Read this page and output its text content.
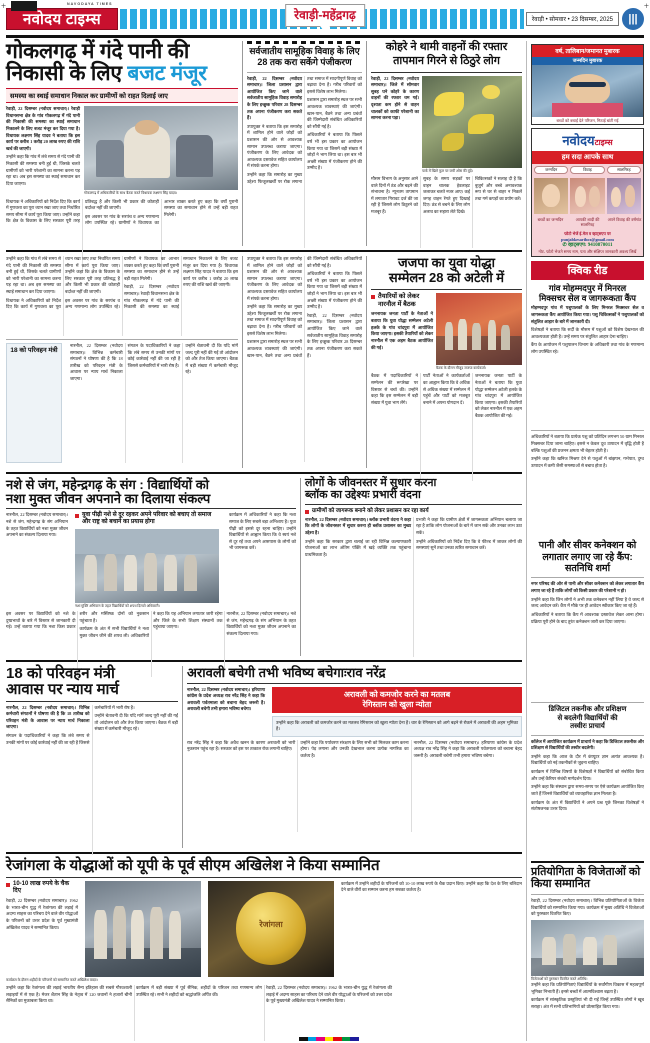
+	+
NAVODAYA TIMES
नवोदय टाइम्स	रेवाड़ी-महेंद्रगढ़	रेवाड़ी • सोमवार • 23 दिसम्बर, 2025	|||
गोकलगढ़ में गंदे पानी की
निकासी के लिए बजट मंजूर
समस्या का स्थाई समाधान निकाल कर ग्रामीणों को राहत दिलाई जाए

रेवाड़ी, 22 दिसम्बर (नवोदय समाचार)। रेवाड़ी विधानसभा क्षेत्र के गांव गोकलगढ़ में गंदे पानी की निकासी की समस्या का स्थाई समाधान निकालने के लिए बजट मंजूर कर दिया गया है। विधायक लक्ष्मण सिंह यादव ने बताया कि इस कार्य पर करीब 1 करोड़ 20 लाख रुपए की राशि खर्च की जाएगी।

उन्होंने कहा कि गांव में लंबे समय से गंदे पानी की निकासी की समस्या बनी हुई थी, जिसके चलते ग्रामीणों को भारी परेशानी का सामना करना पड़ रहा था। अब इस समस्या का स्थाई समाधान कर दिया जाएगा।

गोकलगढ़ में अधिकारियों के साथ बैठक करते विधायक लक्ष्मण सिंह यादव।

विधायक ने अधिकारियों को निर्देश दिए कि कार्य में गुणवत्ता का पूरा ध्यान रखा जाए तथा निर्धारित समय सीमा में कार्य पूरा किया जाए। उन्होंने कहा कि क्षेत्र के विकास के लिए सरकार पूरी तरह प्रतिबद्ध है और किसी भी प्रकार की कोताही बर्दाश्त नहीं की जाएगी।

इस अवसर पर गांव के सरपंच व अन्य गणमान्य लोग उपस्थित रहे। ग्रामीणों ने विधायक का आभार व्यक्त करते हुए कहा कि वर्षों पुरानी समस्या का समाधान होने से उन्हें बड़ी राहत मिलेगी।

सर्वजातीय सामूहिक विवाह के लिए 28 तक करा सकेंगे पंजीकरण

रेवाड़ी, 22 दिसम्बर (नवोदय समाचार)। जिला प्रशासन द्वारा आयोजित किए जाने वाले सर्वजातीय सामूहिक विवाह समारोह के लिए इच्छुक परिवार 28 दिसम्बर तक अपना पंजीकरण करा सकते हैं।

उपायुक्त ने बताया कि इस समारोह में शामिल होने वाले जोड़ों को प्रशासन की ओर से आवश्यक सामान उपलब्ध कराया जाएगा। पंजीकरण के लिए आवेदक को आवश्यक दस्तावेज सहित कार्यालय में संपर्क करना होगा।

उन्होंने कहा कि समारोह का मुख्य उद्देश्य फिजूलखर्ची पर रोक लगाना तथा समाज में सादगीपूर्ण विवाह को बढ़ावा देना है। गरीब परिवारों को इससे विशेष लाभ मिलेगा।

प्रशासन द्वारा समारोह स्थल पर सभी आवश्यक व्यवस्थाएं की जाएंगी। खान-पान, बैठने तथा अन्य प्रबंधों की जिम्मेदारी संबंधित अधिकारियों को सौंपी गई है।

अधिकारियों ने बताया कि पिछले वर्ष भी इस प्रकार का आयोजन किया गया था जिसमें बड़ी संख्या में जोड़ों ने भाग लिया था। इस बार भी अच्छी संख्या में पंजीकरण होने की उम्मीद है।

कोहरे ने थामी वाहनों की रफ्तार
तापमान गिरने से ठिठुरे लोग

रेवाड़ी, 22 दिसम्बर (नवोदय समाचार)। जिले में सोमवार सुबह घने कोहरे के कारण वाहनों की रफ्तार थम गई। दृश्यता कम होने से वाहन चालकों को काफी परेशानी का सामना करना पड़ा।

पार्क में खिले फूल पर जमी ओस की बूंदें।

मौसम विभाग के अनुसार आने वाले दिनों में ठंड और बढ़ने की संभावना है। न्यूनतम तापमान में लगातार गिरावट दर्ज की जा रही है जिससे लोग ठिठुरने को मजबूर हैं।

सुबह के समय सड़कों पर वाहन चालक हेडलाइट जलाकर चलते नजर आए। कई जगह वाहन रेंगते हुए दिखाई दिए। ठंड से बचने के लिए लोग अलाव का सहारा लेते दिखे।

चिकित्सकों ने सलाह दी है कि बुजुर्ग और बच्चे अनावश्यक रूप से घर से बाहर न निकलें तथा गर्म कपड़ों का प्रयोग करें।

उन्होंने कहा कि गांव में लंबे समय से गंदे पानी की निकासी की समस्या बनी हुई थी, जिसके चलते ग्रामीणों को भारी परेशानी का सामना करना पड़ रहा था। अब इस समस्या का स्थाई समाधान कर दिया जाएगा।

विधायक ने अधिकारियों को निर्देश दिए कि कार्य में गुणवत्ता का पूरा ध्यान रखा जाए तथा निर्धारित समय सीमा में कार्य पूरा किया जाए। उन्होंने कहा कि क्षेत्र के विकास के लिए सरकार पूरी तरह प्रतिबद्ध है और किसी भी प्रकार की कोताही बर्दाश्त नहीं की जाएगी।

इस अवसर पर गांव के सरपंच व अन्य गणमान्य लोग उपस्थित रहे। ग्रामीणों ने विधायक का आभार व्यक्त करते हुए कहा कि वर्षों पुरानी समस्या का समाधान होने से उन्हें बड़ी राहत मिलेगी।

रेवाड़ी, 22 दिसम्बर (नवोदय समाचार)। रेवाड़ी विधानसभा क्षेत्र के गांव गोकलगढ़ में गंदे पानी की निकासी की समस्या का स्थाई समाधान निकालने के लिए बजट मंजूर कर दिया गया है। विधायक लक्ष्मण सिंह यादव ने बताया कि इस कार्य पर करीब 1 करोड़ 20 लाख रुपए की राशि खर्च की जाएगी।

18 को परिवहन मंत्री

नारनौल, 22 दिसम्बर (नवोदय समाचार)। विभिन्न कर्मचारी संगठनों ने घोषणा की है कि 18 तारीख को परिवहन मंत्री के आवास पर न्याय मार्च निकाला जाएगा।

संगठन के पदाधिकारियों ने कहा कि लंबे समय से उनकी मांगों पर कोई कार्रवाई नहीं की जा रही है जिससे कर्मचारियों में भारी रोष है।

उन्होंने चेतावनी दी कि यदि मांगें जल्द पूरी नहीं की गईं तो आंदोलन को और तेज किया जाएगा। बैठक में बड़ी संख्या में कर्मचारी मौजूद रहे।

उपायुक्त ने बताया कि इस समारोह में शामिल होने वाले जोड़ों को प्रशासन की ओर से आवश्यक सामान उपलब्ध कराया जाएगा। पंजीकरण के लिए आवेदक को आवश्यक दस्तावेज सहित कार्यालय में संपर्क करना होगा।

उन्होंने कहा कि समारोह का मुख्य उद्देश्य फिजूलखर्ची पर रोक लगाना तथा समाज में सादगीपूर्ण विवाह को बढ़ावा देना है। गरीब परिवारों को इससे विशेष लाभ मिलेगा।

प्रशासन द्वारा समारोह स्थल पर सभी आवश्यक व्यवस्थाएं की जाएंगी। खान-पान, बैठने तथा अन्य प्रबंधों की जिम्मेदारी संबंधित अधिकारियों को सौंपी गई है।

अधिकारियों ने बताया कि पिछले वर्ष भी इस प्रकार का आयोजन किया गया था जिसमें बड़ी संख्या में जोड़ों ने भाग लिया था। इस बार भी अच्छी संख्या में पंजीकरण होने की उम्मीद है।

रेवाड़ी, 22 दिसम्बर (नवोदय समाचार)। जिला प्रशासन द्वारा आयोजित किए जाने वाले सर्वजातीय सामूहिक विवाह समारोह के लिए इच्छुक परिवार 28 दिसम्बर तक अपना पंजीकरण करा सकते हैं।

जजपा का युवा योद्धा
सम्मेलन 28 को अटेली में
तैयारियों को लेकर नारनौल में बैठक

जननायक जनता पार्टी के नेताओं ने बताया कि युवा योद्धा सम्मेलन अटेली हलके के गांव चांदपुरा में आयोजित किया जाएगा। इसकी तैयारियों को लेकर नारनौल में एक अहम बैठक आयोजित की गई।

बैठक के दौरान मौजूद जजपा कार्यकर्ता।

बैठक में पदाधिकारियों ने सम्मेलन की रूपरेखा पर विस्तार से चर्चा की। उन्होंने कहा कि इस सम्मेलन में बड़ी संख्या में युवा भाग लेंगे।

पार्टी नेताओं ने कार्यकर्ताओं का आह्वान किया कि वे अधिक से अधिक संख्या में सम्मेलन में पहुंचें और पार्टी को मजबूत बनाने में अपना योगदान दें।

जननायक जनता पार्टी के नेताओं ने बताया कि युवा योद्धा सम्मेलन अटेली हलके के गांव चांदपुरा में आयोजित किया जाएगा। इसकी तैयारियों को लेकर नारनौल में एक अहम बैठक आयोजित की गई।

नशे से जंग, महेन्द्रगढ़ के संग : विद्यार्थियों को
नशा मुक्त जीवन अपनाने का दिलाया संकल्प
नारनौल, 22 दिसम्बर (नवोदय समाचार)। नशे से जंग, महेन्द्रगढ़ के संग अभियान के तहत विद्यार्थियों को नशा मुक्त जीवन अपनाने का संकल्प दिलाया गया।
युवा पीढ़ी नशे से दूर रहकर अपने परिवार को बचाए तो समाज और राष्ट्र को बचाने का प्रयास होगा
नशा मुक्ति अभियान के तहत विद्यार्थियों को शपथ दिलाते अधिकारी।
कार्यक्रम में अधिकारियों ने कहा कि नशा समाज के लिए सबसे बड़ा अभिशाप है। युवा पीढ़ी को इससे दूर रहना चाहिए। उन्होंने विद्यार्थियों से आह्वान किया कि वे स्वयं नशे से दूर रहें तथा अपने आसपास के लोगों को भी जागरूक करें।

इस अवसर पर विद्यार्थियों को नशे के दुष्प्रभावों के बारे में विस्तार से जानकारी दी गई। उन्हें बताया गया कि नशा किस प्रकार शरीर और मस्तिष्क दोनों को नुकसान पहुंचाता है।

कार्यक्रम के अंत में सभी विद्यार्थियों ने नशा मुक्त जीवन जीने की शपथ ली। अधिकारियों ने कहा कि यह अभियान लगातार जारी रहेगा और जिले के सभी शिक्षण संस्थानों तक पहुंचाया जाएगा।

नारनौल, 22 दिसम्बर (नवोदय समाचार)। नशे से जंग, महेन्द्रगढ़ के संग अभियान के तहत विद्यार्थियों को नशा मुक्त जीवन अपनाने का संकल्प दिलाया गया।

लोगों के जीवनस्तर में सुधार करना
ब्लॉक का उद्देश्यः प्रभारी वंदना
ग्रामीणों को जागरूक बनाने को लेकर प्रशासन कर रहा कार्य

नारनौल, 22 दिसम्बर (नवोदय समाचार)। ब्लॉक प्रभारी वंदना ने कहा कि लोगों के जीवनस्तर में सुधार करना ही ब्लॉक प्रशासन का मुख्य उद्देश्य है।

उन्होंने कहा कि सरकार द्वारा चलाई जा रही विभिन्न कल्याणकारी योजनाओं का लाभ अंतिम पंक्ति में खड़े व्यक्ति तक पहुंचाना प्राथमिकता है।

प्रभारी ने कहा कि ग्रामीण क्षेत्रों में जागरूकता अभियान चलाया जा रहा है ताकि लोग योजनाओं के बारे में जान सकें और उनका लाभ उठा सकें।

उन्होंने अधिकारियों को निर्देश दिए कि वे फील्ड में जाकर लोगों की समस्याएं सुनें तथा उनका त्वरित समाधान करें।

18 को परिवहन मंत्री
आवास पर न्याय मार्च

नारनौल, 22 दिसम्बर (नवोदय समाचार)। विभिन्न कर्मचारी संगठनों ने घोषणा की है कि 18 तारीख को परिवहन मंत्री के आवास पर न्याय मार्च निकाला जाएगा।

संगठन के पदाधिकारियों ने कहा कि लंबे समय से उनकी मांगों पर कोई कार्रवाई नहीं की जा रही है जिससे कर्मचारियों में भारी रोष है।

उन्होंने चेतावनी दी कि यदि मांगें जल्द पूरी नहीं की गईं तो आंदोलन को और तेज किया जाएगा। बैठक में बड़ी संख्या में कर्मचारी मौजूद रहे।

अरावली बचेगी तभी भविष्य बचेगाःराव नरेंद्र

नारनौल, 22 दिसम्बर (नवोदय समाचार)। हरियाणा कांग्रेस के प्रदेश अध्यक्ष राव नरेंद्र सिंह ने कहा कि अरावली पर्वतमाला को बचाना बेहद जरूरी है। अरावली बचेगी तभी हमारा भविष्य बचेगा।

अरावली को कमजोर करने का मतलब
रेगिस्तान को खुला न्योता
उन्होंने कहा कि अरावली को कमजोर करने का मतलब रेगिस्तान को खुला न्योता देना है। थार के रेगिस्तान को आगे बढ़ने से रोकने में अरावली की अहम भूमिका है।

राव नरेंद्र सिंह ने कहा कि अवैध खनन के कारण अरावली को भारी नुकसान पहुंच रहा है। सरकार को इस पर तत्काल रोक लगानी चाहिए।

उन्होंने कहा कि पर्यावरण संरक्षण के लिए सभी को मिलकर काम करना होगा। पेड़ लगाना और उनकी देखभाल करना प्रत्येक नागरिक का कर्तव्य है।

नारनौल, 22 दिसम्बर (नवोदय समाचार)। हरियाणा कांग्रेस के प्रदेश अध्यक्ष राव नरेंद्र सिंह ने कहा कि अरावली पर्वतमाला को बचाना बेहद जरूरी है। अरावली बचेगी तभी हमारा भविष्य बचेगा।

रेजांगला के योद्धाओं को यूपी के पूर्व सीएम अखिलेश ने किया सम्मानित
10-10 लाख रुपये के चैक दिए
रेवाड़ी, 22 दिसम्बर (नवोदय समाचार)। 1962 के भारत-चीन युद्ध में रेजांगला की लड़ाई में अदम्य साहस का परिचय देने वाले वीर योद्धाओं के परिजनों को उत्तर प्रदेश के पूर्व मुख्यमंत्री अखिलेश यादव ने सम्मानित किया।	रेजांगला
कार्यक्रम में उन्होंने शहीदों के परिजनों को 10-10 लाख रुपये के चैक प्रदान किए। उन्होंने कहा कि देश के लिए बलिदान देने वाले वीरों का सम्मान करना हम सबका कर्तव्य है।
कार्यक्रम के दौरान शहीदों के परिजनों को सम्मानित करते अखिलेश यादव।

उन्होंने कहा कि रेजांगला की लड़ाई भारतीय सैन्य इतिहास की सबसे गौरवशाली लड़ाइयों में से एक है। मेजर शैतान सिंह के नेतृत्व में 120 जवानों ने हजारों चीनी सैनिकों का मुकाबला किया था।

कार्यक्रम में बड़ी संख्या में पूर्व सैनिक, शहीदों के परिजन तथा गणमान्य लोग उपस्थित रहे। सभी ने शहीदों को श्रद्धांजलि अर्पित की।

रेवाड़ी, 22 दिसम्बर (नवोदय समाचार)। 1962 के भारत-चीन युद्ध में रेजांगला की लड़ाई में अदम्य साहस का परिचय देने वाले वीर योद्धाओं के परिजनों को उत्तर प्रदेश के पूर्व मुख्यमंत्री अखिलेश यादव ने सम्मानित किया।

वर्ष, तालिबान/जमानत मुबारक
जन्मदिन मुबारक
बच्चों को बधाई देते परिजन, मिठाई बांटी गई
नवोदयटाइम्स
हम सदा आपके साथ
जन्मदिन	विवाह	सालगिरह
बच्चों का जन्मदिन	आपकी शादी की सालगिरह
अपने विवाह की वर्षगांठ
फोटो भेजें ई-मेल व व्हाट्सएप पर
punjabkesaribox@gmail.com
✆ व्हाट्सएप: 9410870011
नोट- फोटो भेजते समय नाम, पता और संक्षिप्त जानकारी अवश्य लिखें
क्विक रीड
गांव मोहम्मदपुर में मिनरल
मिक्सचर सेल व जागरूकता कैंप

मोहम्मदपुर गांव में पशुपालकों के लिए मिनरल मिक्सचर सेल व जागरूकता कैंप आयोजित किया गया। पशु चिकित्सकों ने पशुपालकों को संतुलित आहार के बारे में जानकारी दी।

विशेषज्ञों ने बताया कि सर्दी के मौसम में पशुओं को विशेष देखभाल की आवश्यकता होती है। उन्हें समय पर संतुलित आहार देना चाहिए।

कैंप के आयोजन में पशुपालन विभाग के अधिकारी तथा गांव के गणमान्य लोग उपस्थित रहे।

अधिकारियों ने बताया कि प्रत्येक पशु को प्रतिदिन लगभग 50 ग्राम मिनरल मिक्सचर दिया जाना चाहिए। इससे न केवल दूध उत्पादन में वृद्धि होती है बल्कि पशुओं की प्रजनन क्षमता भी बेहतर होती है।

उन्होंने कहा कि खनिज मिश्रण देने से पशुओं में बांझपन, गर्भपात, दुग्ध उत्पादन में कमी जैसी समस्याओं से बचाव होता है।

पानी और सीवर कनेक्शन को
लगातार लगाए जा रहे कैंप:
सतनिधि शर्मा

नगर परिषद की ओर से पानी और सीवर कनेक्शन को लेकर लगातार कैंप लगाए जा रहे हैं ताकि लोगों को किसी प्रकार की परेशानी न हो।

उन्होंने कहा कि जिन लोगों ने अभी तक कनेक्शन नहीं लिया है वे जल्द से जल्द आवेदन करें। कैंप में मौके पर ही आवेदन स्वीकार किए जा रहे हैं।

अधिकारियों ने बताया कि कैंप में आवश्यक दस्तावेज लेकर आना होगा। प्रक्रिया पूरी होने के बाद तुरंत कनेक्शन जारी कर दिया जाएगा।

डिजिटल तकनीक और प्रशिक्षण
से बदलेगी विद्यार्थियों की
तस्वीरः प्राचार्य

कॉलेज में आयोजित कार्यक्रम में प्राचार्य ने कहा कि डिजिटल तकनीक और प्रशिक्षण से विद्यार्थियों की तस्वीर बदलेगी।

उन्होंने कहा कि आज के दौर में कंप्यूटर ज्ञान अत्यंत आवश्यक है। विद्यार्थियों को नई तकनीकों से जुड़ना चाहिए।

कार्यक्रम में विभिन्न विषयों के विशेषज्ञों ने विद्यार्थियों को संबोधित किया और उन्हें कैरियर संबंधी मार्गदर्शन दिया।

उन्होंने कहा कि संस्थान द्वारा समय-समय पर ऐसे कार्यक्रम आयोजित किए जाते हैं जिनसे विद्यार्थियों को व्यावहारिक ज्ञान मिलता है।

कार्यक्रम के अंत में विद्यार्थियों ने अपने प्रश्न पूछे जिनका विशेषज्ञों ने संतोषजनक उत्तर दिया।

प्रतियोगिता के विजेताओं को किया सम्मानित
रेवाड़ी, 22 दिसम्बर (नवोदय समाचार)। विभिन्न प्रतियोगिताओं के विजेता विद्यार्थियों को सम्मानित किया गया। कार्यक्रम में मुख्य अतिथि ने विजेताओं को पुरस्कार वितरित किए।
विजेताओं को पुरस्कार वितरित करते अतिथि।

उन्होंने कहा कि प्रतियोगिताएं विद्यार्थियों के सर्वांगीण विकास में महत्वपूर्ण भूमिका निभाती हैं। इनसे बच्चों में आत्मविश्वास बढ़ता है।

कार्यक्रम में सांस्कृतिक प्रस्तुतियां भी दी गईं जिन्हें उपस्थित लोगों ने खूब सराहा। अंत में सभी प्रतिभागियों को प्रोत्साहित किया गया।
